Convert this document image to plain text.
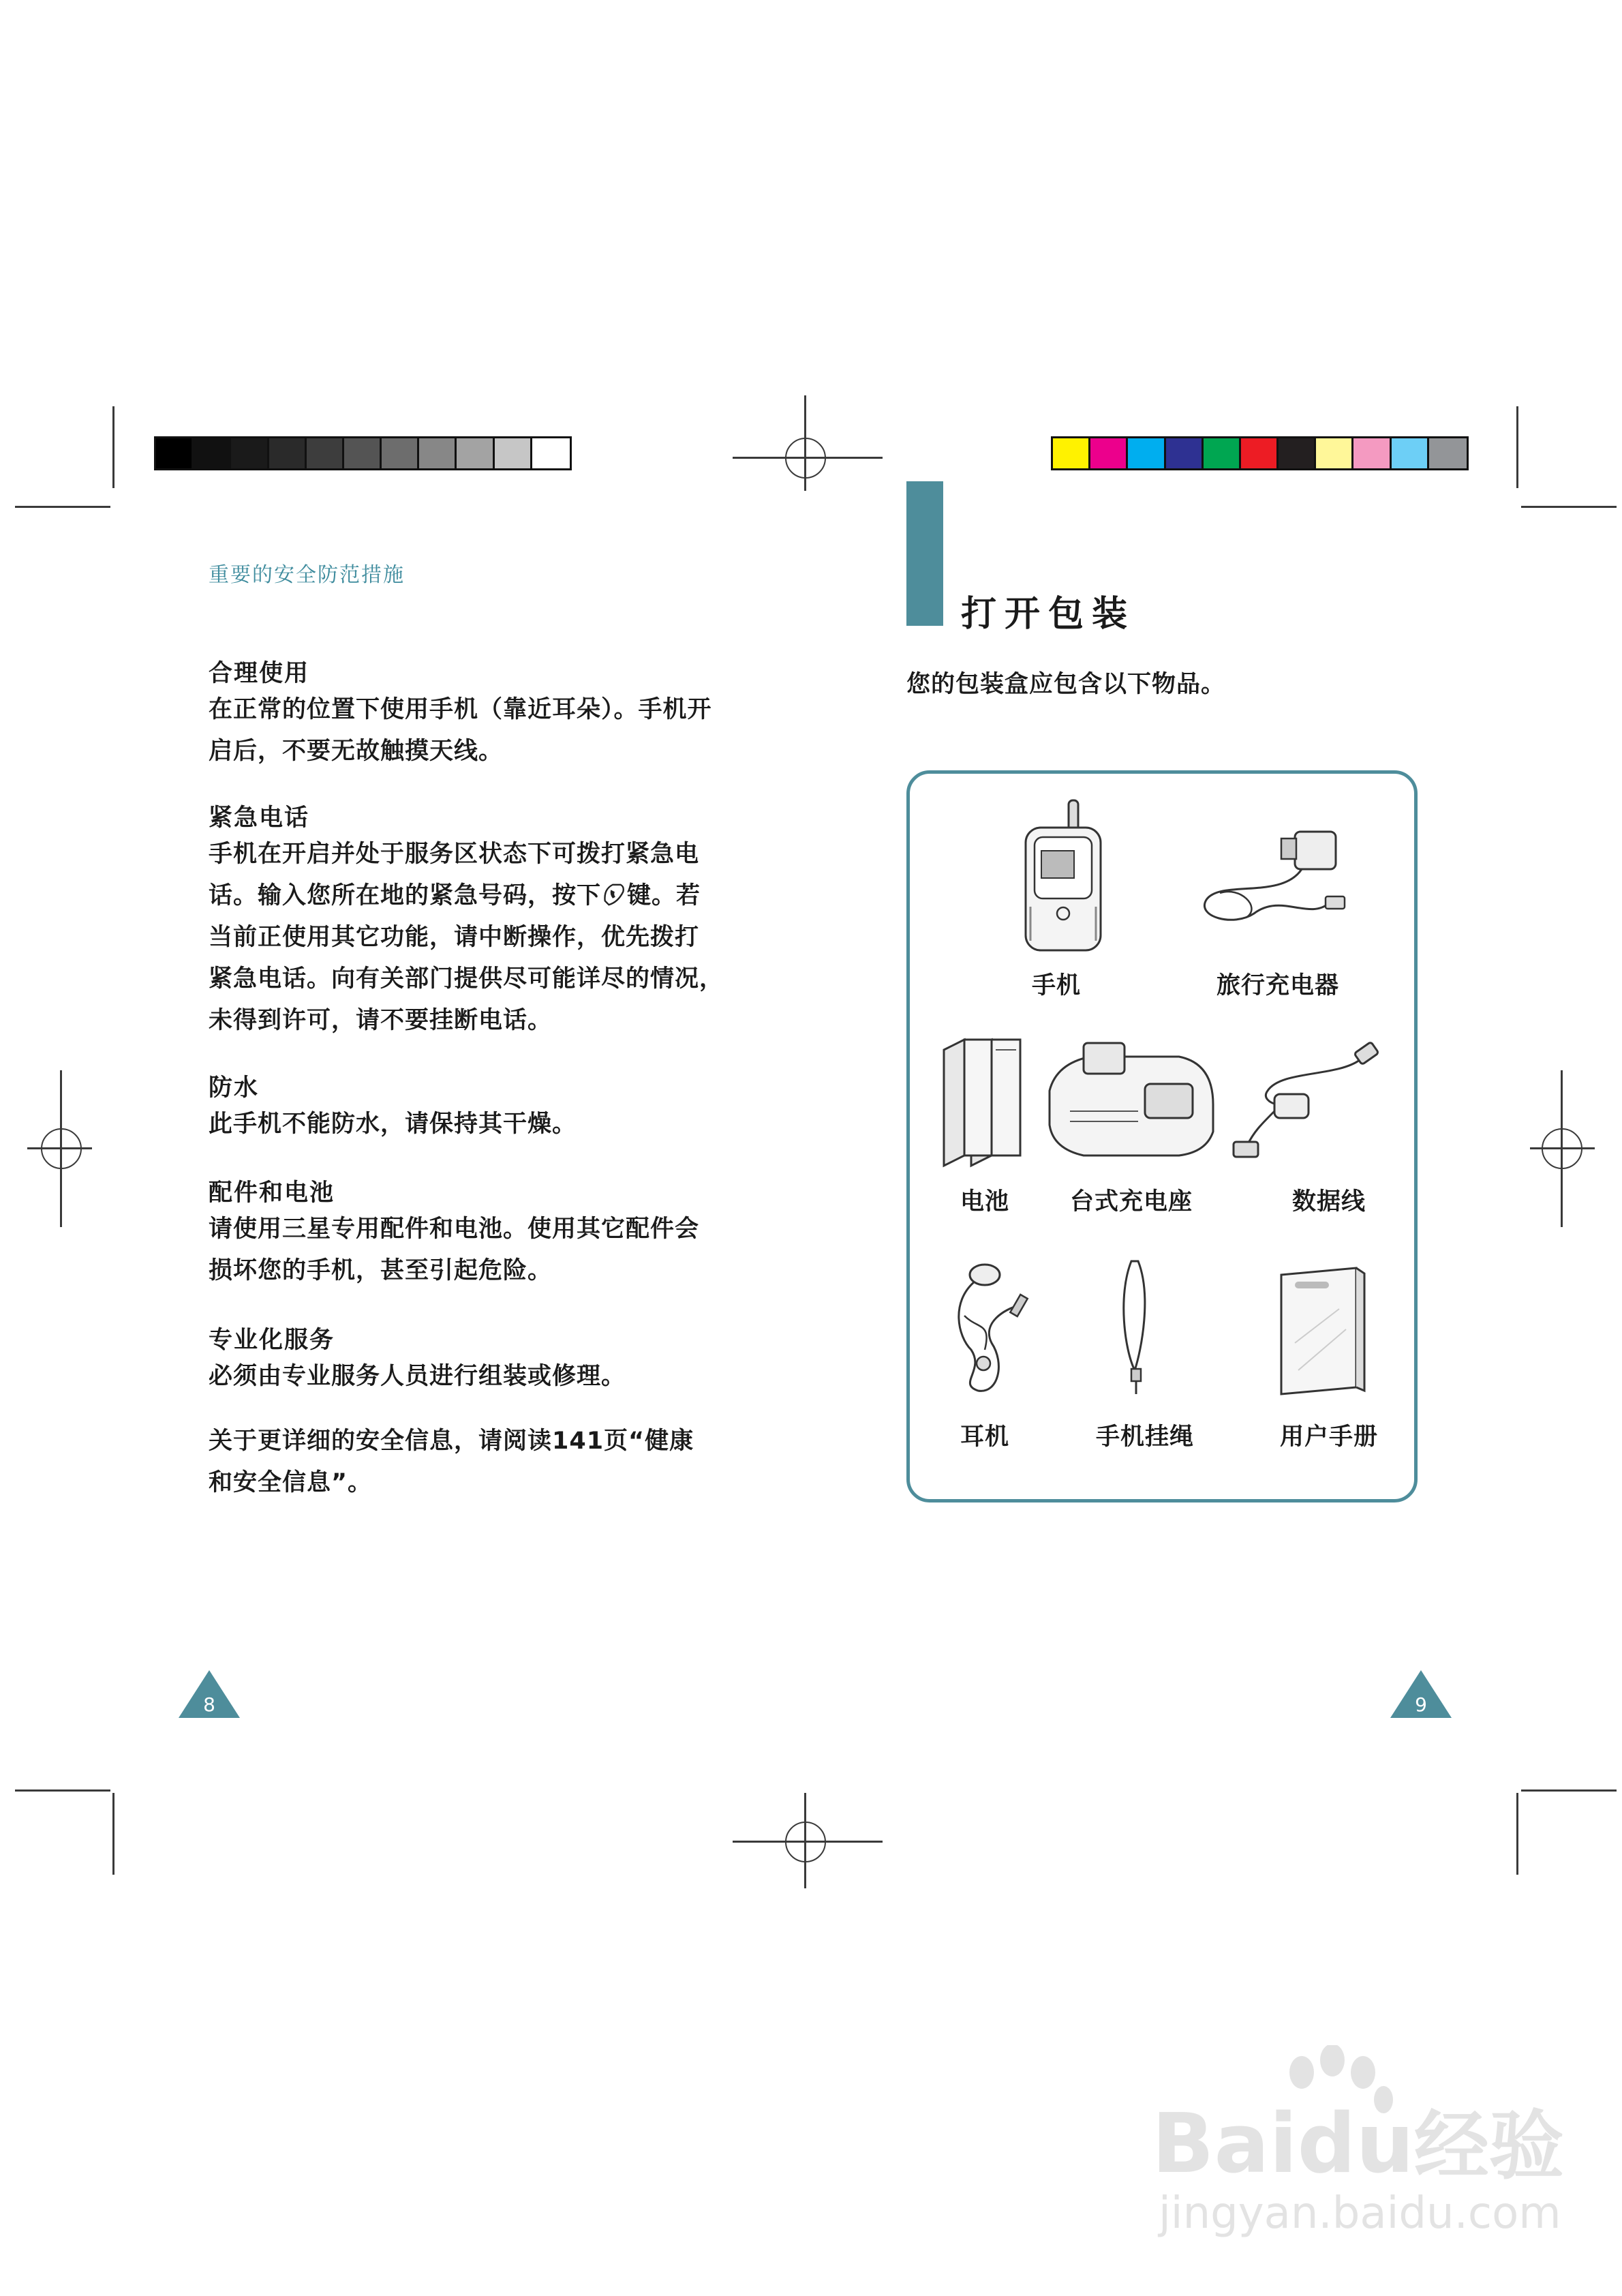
重要的安全防范措施
合理使用
在正常的位置下使用手机（靠近耳朵）。手机开
启后，不要无故触摸天线。
紧急电话
手机在开启并处于服务区状态下可拨打紧急电
话。输入您所在地的紧急号码，按下 键。若
当前正使用其它功能，请中断操作，优先拨打
紧急电话。向有关部门提供尽可能详尽的情况，
未得到许可，请不要挂断电话。
防水
此手机不能防水，请保持其干燥。
配件和电池
请使用三星专用配件和电池。使用其它配件会
损坏您的手机，甚至引起危险。
专业化服务
必须由专业服务人员进行组装或修理。
关于更详细的安全信息，请阅读141页“健康
和安全信息”。
8
打开包装
您的包装盒应包含以下物品。
手机	旅行充电器
电池	台式充电座	数据线
耳机	手机挂绳	用户手册
9
Baidu经验
jingyan.baidu.com
